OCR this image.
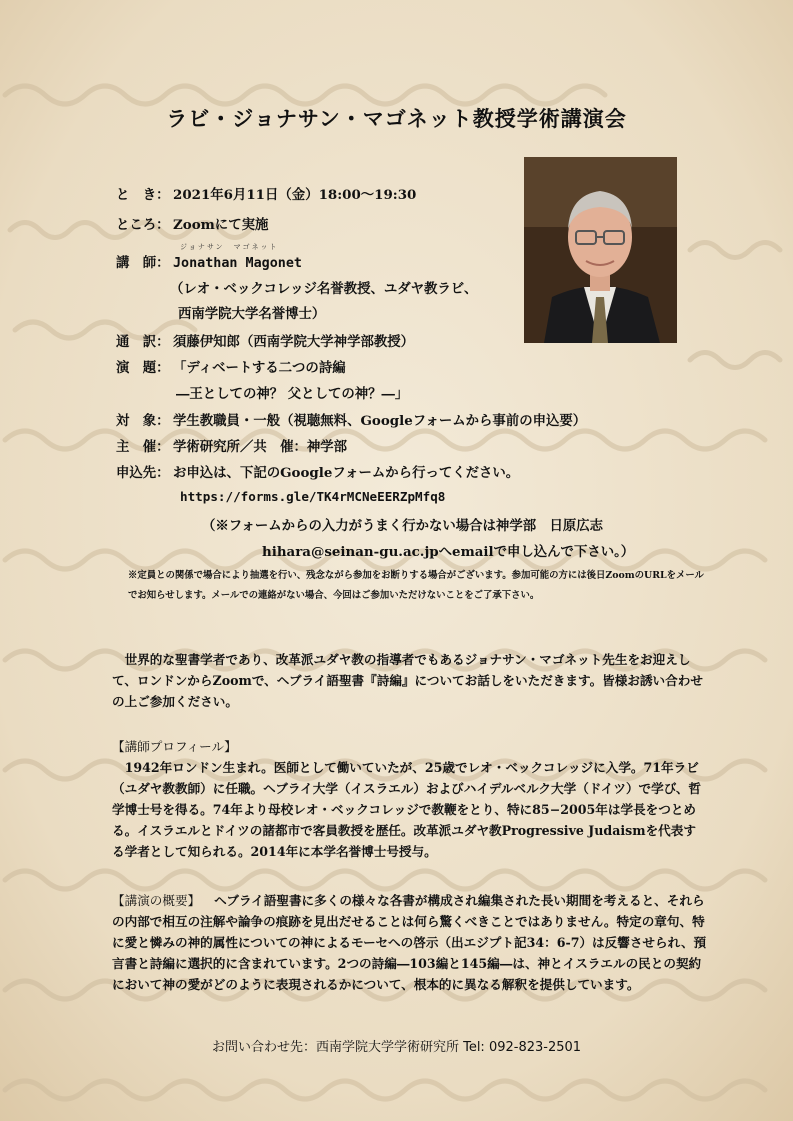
ラビ・ジョナサン・マゴネット教授学術講演会
と　き： 2021年6月11日（金）18:00〜19:30
ところ： Zoomにて実施
ジョナサン　マゴネット
講　師： Jonathan Magonet
（レオ・ベックコレッジ名誉教授、ユダヤ教ラビ、
西南学院大学名誉博士）
通　訳： 須藤伊知郎（西南学院大学神学部教授）
演　題： 「ディベートする二つの詩編
―王としての神？ 父としての神？―」
対　象： 学生教職員・一般（視聴無料、Googleフォームから事前の申込要）
主　催： 学術研究所／共　催：神学部
申込先： お申込は、下記のGoogleフォームから行ってください。
https://forms.gle/TK4rMCNeEERZpMfq8
（※フォームからの入力がうまく行かない場合は神学部　日原広志
hihara@seinan-gu.ac.jpへemailで申し込んで下さい。）
※定員との関係で場合により抽選を行い、残念ながら参加をお断りする場合がございます。参加可能の方には後日ZoomのURLをメールでお知らせします。メールでの連絡がない場合、今回はご参加いただけないことをご了承下さい。
世界的な聖書学者であり、改革派ユダヤ教の指導者でもあるジョナサン・マゴネット先生をお迎えして、ロンドンからZoomで、ヘブライ語聖書『詩編』についてお話しをいただきます。皆様お誘い合わせの上ご参加ください。
【講師プロフィール】
1942年ロンドン生まれ。医師として働いていたが、25歳でレオ・ベックコレッジに入学。71年ラビ（ユダヤ教教師）に任職。ヘブライ大学（イスラエル）およびハイデルベルク大学（ドイツ）で学び、哲学博士号を得る。74年より母校レオ・ベックコレッジで教鞭をとり、特に85−2005年は学長をつとめる。イスラエルとドイツの諸都市で客員教授を歴任。改革派ユダヤ教Progressive Judaismを代表する学者として知られる。2014年に本学名誉博士号授与。
【講演の概要】 ヘブライ語聖書に多くの様々な各書が構成され編集された長い期間を考えると、それらの内部で相互の注解や論争の痕跡を見出だせることは何ら驚くべきことではありません。特定の章句、特に愛と憐みの神的属性についての神によるモーセへの啓示（出エジプト記34：6-7）は反響させられ、預言書と詩編に選択的に含まれています。2つの詩編―103編と145編―は、神とイスラエルの民との契約において神の愛がどのように表現されるかについて、根本的に異なる解釈を提供しています。
お問い合わせ先：西南学院大学学術研究所 Tel: 092-823-2501
